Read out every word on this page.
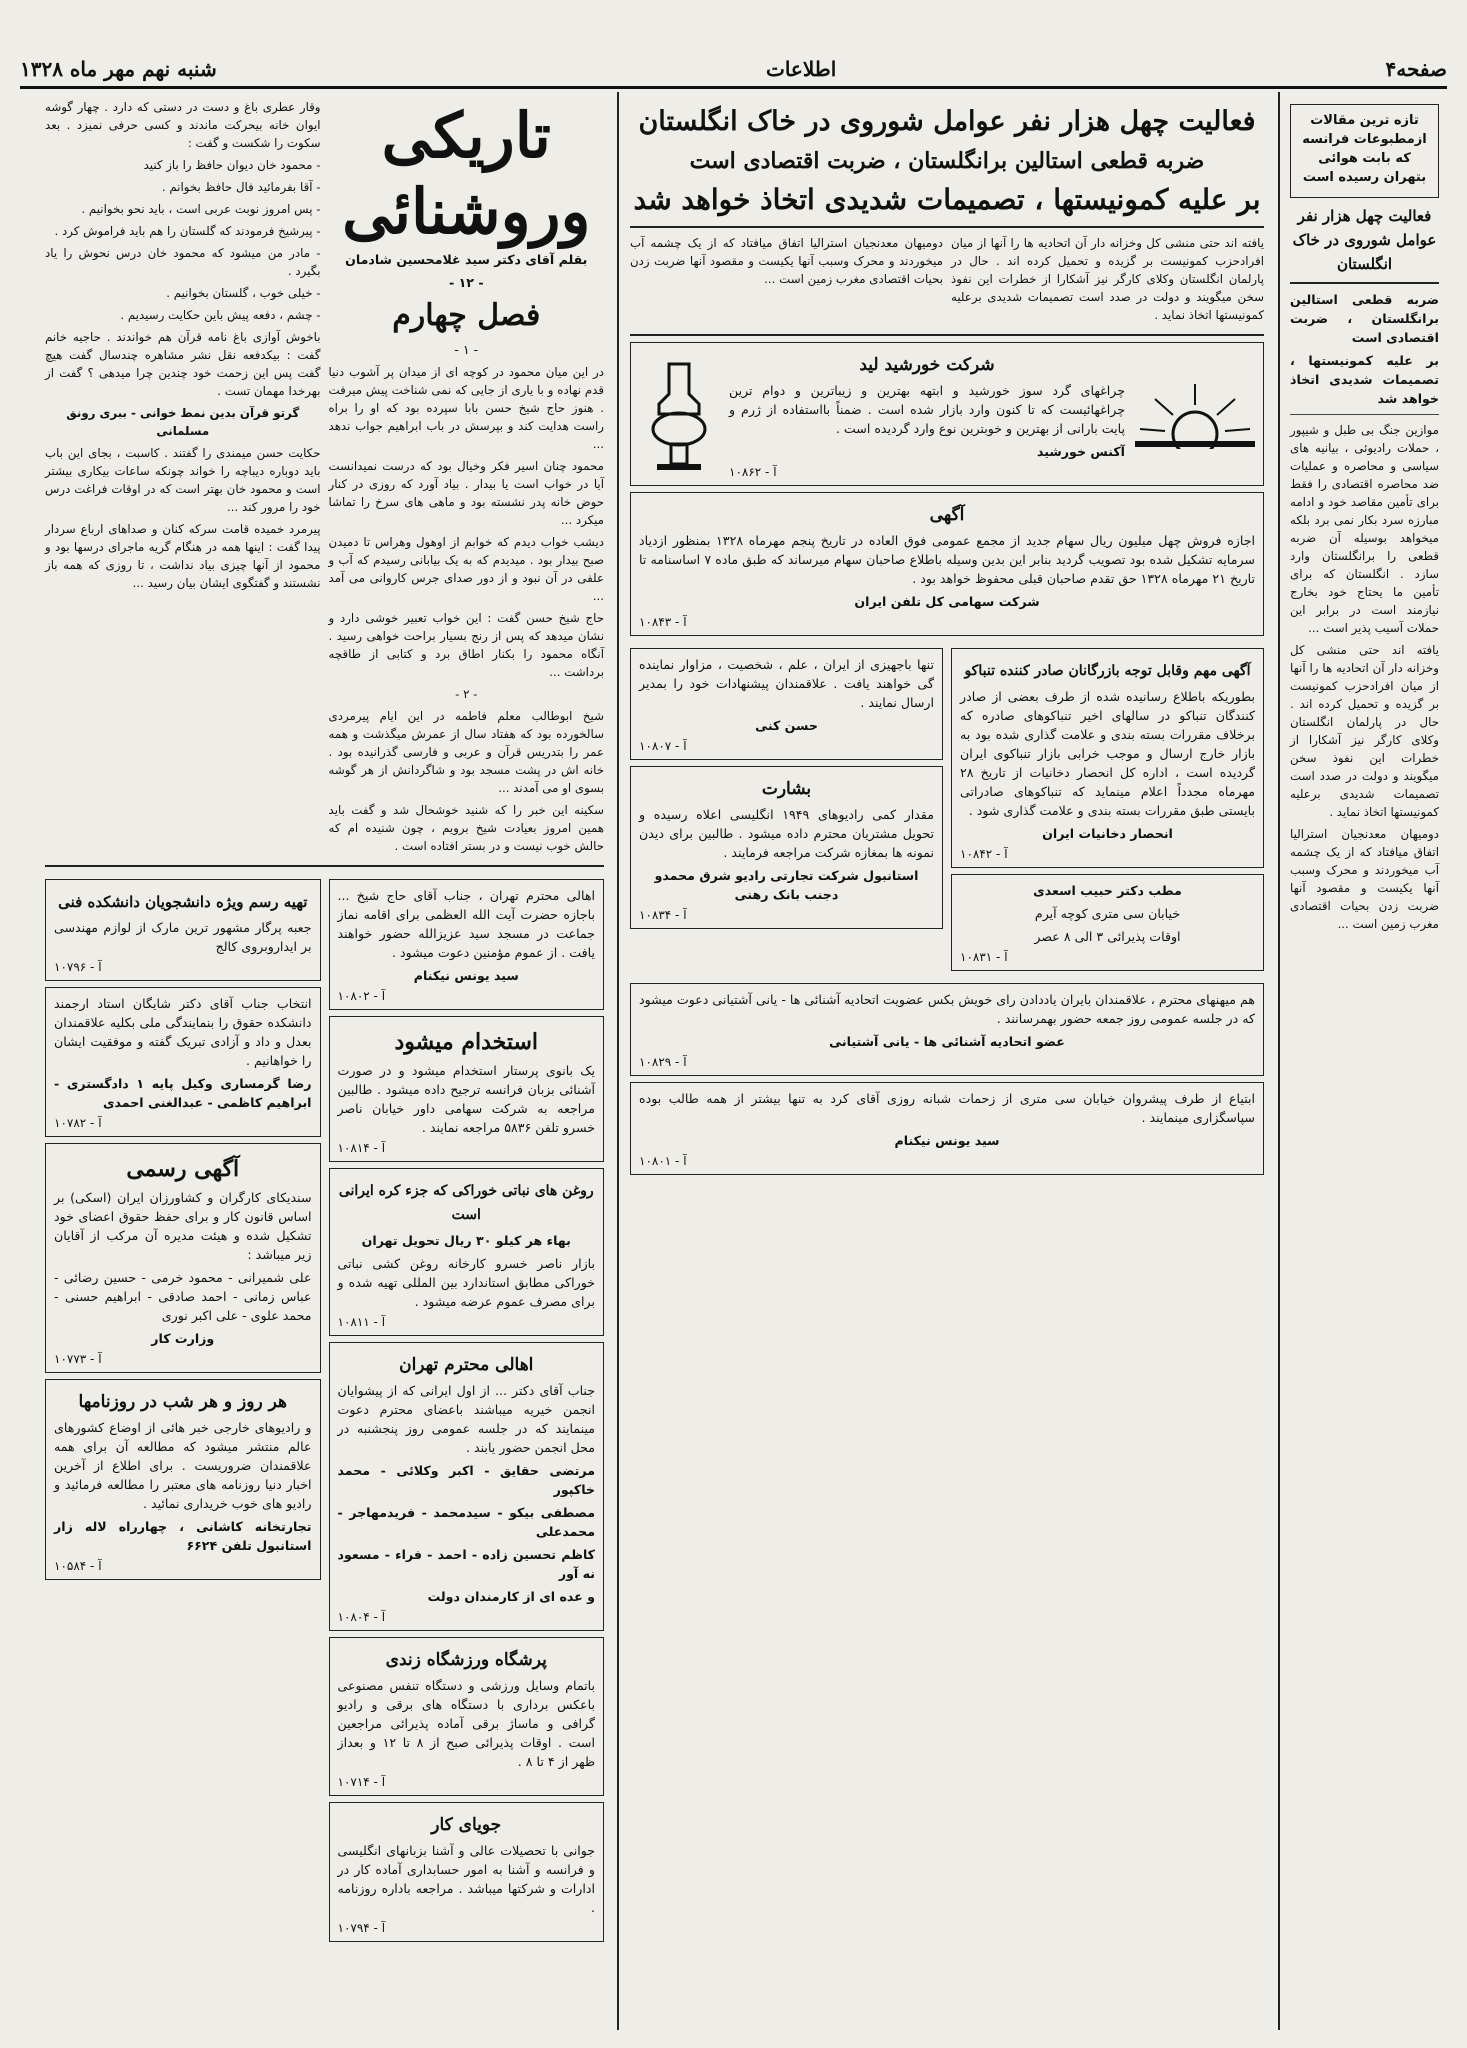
صفحه۴
اطلاعات
شنبه نهم مهر ماه ۱۳۲۸

تازه ترین مقالات ازمطبوعات فرانسه که بابت هوائی بتهران رسیده است

فعالیت چهل هزار نفر عوامل شوروی در خاک انگلستان

ضربه قطعی استالین برانگلستان ، ضربت اقتصادی است

بر علیه کمونیستها ، تصمیمات شدیدی اتخاذ خواهد شد

موازین جنگ بی طبل و شیپور ، حملات رادیوئی ، بیانیه های سیاسی و محاصره و عملیات ضد محاصره اقتصادی را فقط برای تأمین مقاصد خود و ادامه مبارزه سرد بکار نمی برد بلکه میخواهد بوسیله آن ضربه قطعی را برانگلستان وارد سازد . انگلستان که برای تأمین ما یحتاج خود بخارج نیازمند است در برابر این حملات آسیب پذیر است ...

یافته اند حتی منشی کل وخزانه دار آن اتحادیه ها را آنها از میان افرادحزب کمونیست بر گزیده و تحمیل کرده اند . حال در پارلمان انگلستان وکلای کارگر نیز آشکارا از خطرات این نفوذ سخن میگویند و دولت در صدد است تصمیمات شدیدی برعلیه کمونیستها اتخاذ نماید .

دومیهان معدنجیان استرالیا اتفاق میافتاد که از یک چشمه آب میخوردند و محرک وسبب آنها یکیست و مقصود آنها ضربت زدن بحیات اقتصادی مغرب زمین است ...

فعالیت چهل هزار نفر عوامل شوروی در خاک انگلستان
ضربه قطعی استالین برانگلستان ، ضربت اقتصادی است
بر علیه کمونیستها ، تصمیمات شدیدی اتخاذ خواهد شد

یافته اند حتی منشی کل وخزانه دار آن اتحادیه ها را آنها از میان افرادحزب کمونیست بر گزیده و تحمیل کرده اند . حال در پارلمان انگلستان وکلای کارگر نیز آشکارا از خطرات این نفوذ سخن میگویند و دولت در صدد است تصمیمات شدیدی برعلیه کمونیستها اتخاذ نماید .

دومیهان معدنجیان استرالیا اتفاق میافتاد که از یک چشمه آب میخوردند و محرک وسبب آنها یکیست و مقصود آنها ضربت زدن بحیات اقتصادی مغرب زمین است ...

شرکت خورشید لید

چراغهای گرد سوز خورشید و ابتهه بهترین و زیباترین و دوام ترین چراغهائیست که تا کنون وارد بازار شده است . ضمناً بااستفاده از ژرم و پایت بارانی از بهترین و خوبترین نوع وارد گردیده است .

آکنس خورشید

آ - ۱۰۸۶۲
آگهی

اجازه فروش چهل میلیون ریال سهام جدید از مجمع عمومی فوق العاده در تاریخ پنجم مهرماه ۱۳۲۸ بمنظور ازدیاد سرمایه تشکیل شده بود تصویب گردید بنابر این بدین وسیله باطلاع صاحبان سهام میرساند که طبق ماده ۷ اساسنامه تا تاریخ ۲۱ مهرماه ۱۳۲۸ حق تقدم صاحبان قبلی محفوظ خواهد بود .

شرکت سهامی کل تلفن ایران

آ - ۱۰۸۴۳
آگهی مهم وقابل توجه بازرگانان صادر کننده تنباکو

بطوریکه باطلاع رسانیده شده از طرف بعضی از صادر کنندگان تنباکو در سالهای اخیر تنباکوهای صادره که برخلاف مقررات بسته بندی و علامت گذاری شده بود به بازار خارج ارسال و موجب خرابی بازار تنباکوی ایران گردیده است ، اداره کل انحصار دخانیات از تاریخ ۲۸ مهرماه مجدداً اعلام مینماید که تنباکوهای صادراتی بایستی طبق مقررات بسته بندی و علامت گذاری شود .

انحصار دخانیات ایران

آ - ۱۰۸۴۲

مطب دکتر حبیب اسعدی

خیابان سی متری کوچه آیرم

اوقات پذیرائی ۳ الی ۸ عصر

آ - ۱۰۸۳۱

تنها باجهیزی از ایران ، علم ، شخصیت ، مزاوار نماینده گی خواهند یافت . علاقمندان پیشنهادات خود را بمدیر ارسال نمایند .

حسن کنی

آ - ۱۰۸۰۷
بشارت

مقدار کمی رادیوهای ۱۹۴۹ انگلیسی اعلاه رسیده و تحویل مشتریان محترم داده میشود . طالبین برای دیدن نمونه ها بمغازه شرکت مراجعه فرمایند .

استانبول شرکت تجارتی رادیو شرق محمدو دجنب بانک رهنی

آ - ۱۰۸۳۴

هم میهنهای محترم ، علاقمندان بایران یاددادن رای خویش بکس عضویت اتحادیه آشنائی ها - یانی آشتیانی دعوت میشود که در جلسه عمومی روز جمعه حضور بهمرسانند .

عضو اتحادیه آشنائی ها - یانی آشتیانی

آ - ۱۰۸۲۹

ابتیاع از طرف پیشروان خیابان سی متری از زحمات شبانه روزی آقای کرد به تنها بیشتر از همه طالب بوده سپاسگزاری مینمایند .

سید یونس نیکنام

آ - ۱۰۸۰۱
تاریکی وروشنائی

بقلم آقای دکتر سید غلامحسین شادمان

- ۱۲ -

فصل چهارم

- ۱ -

در این میان محمود در کوچه ای از میدان پر آشوب دنیا قدم نهاده و با یاری از جایی که نمی شناخت پیش میرفت . هنوز حاج شیخ حسن بابا سپرده بود که او را براه راست هدایت کند و بپرسش در باب ابراهیم جواب ندهد ...

محمود چنان اسیر فکر وخیال بود که درست نمیدانست آیا در خواب است یا بیدار . بیاد آورد که روزی در کنار حوض خانه پدر نشسته بود و ماهی های سرخ را تماشا میکرد ...

دیشب خواب دیدم که خوابم از اوهول وهراس تا دمیدن صبح بیدار بود . میدیدم که به یک بیابانی رسیدم که آب و علفی در آن نبود و از دور صدای جرس کاروانی می آمد ...

حاج شیخ حسن گفت : این خواب تعبیر خوشی دارد و نشان میدهد که پس از رنج بسیار براحت خواهی رسید . آنگاه محمود را بکنار اطاق برد و کتابی از طاقچه برداشت ...

- ۲ -

شیخ ابوطالب معلم فاطمه در این ایام پیرمردی سالخورده بود که هفتاد سال از عمرش میگذشت و همه عمر را بتدریس قرآن و عربی و فارسی گذرانیده بود . خانه اش در پشت مسجد بود و شاگردانش از هر گوشه بسوی او می آمدند ...

سکینه این خبر را که شنید خوشحال شد و گفت باید همین امروز بعیادت شیخ برویم ، چون شنیده ام که حالش خوب نیست و در بستر افتاده است .

وقار عطری باغ و دست در دستی که دارد . چهار گوشه ایوان خانه بیحرکت ماندند و کسی حرفی نمیزد . بعد سکوت را شکست و گفت :

- محمود خان دیوان حافظ را باز کنید

- آقا بفرمائید فال حافظ بخوانم .

- پس امروز نوبت عربی است ، باید نحو بخوانیم .

- پیرشیخ فرمودند که گلستان را هم باید فراموش کرد .

- مادر من میشود که محمود خان درس نحوش را یاد بگیرد .

- خیلی خوب ، گلستان بخوانیم .

- چشم ، دفعه پیش باین حکایت رسیدیم .

باخوش آوازی باغ نامه قرآن هم خواندند . حاجیه خانم گفت : بیکدفعه نقل نشر مشاهره چندسال گفت هیچ گفت پس این زحمت خود چندین چرا میدهی ؟ گفت از بهرخدا مهمان تست .

گرتو قرآن بدین نمط خوانی - ببری رونق مسلمانی

حکایت حسن میمندی را گفتند . کاسبت ، بجای این باب باید دوباره دیباچه را خواند چونکه ساعات بیکاری بیشتر است و محمود خان بهتر است که در اوقات فراغت درس خود را مرور کند ...

پیرمرد خمیده قامت سرکه کنان و صداهای ارباع سردار پیدا گفت : اینها همه در هنگام گریه ماجرای درسها بود و محمود از آنها چیزی بیاد نداشت ، تا روزی که همه باز نشستند و گفتگوی ایشان بیان رسید ...

اهالی محترم تهران ، جناب آقای حاج شیخ ... باجازه حضرت آیت الله العظمی برای اقامه نماز جماعت در مسجد سید عزیزالله حضور خواهند یافت . از عموم مؤمنین دعوت میشود .

سید یونس نیکنام

آ - ۱۰۸۰۲
استخدام میشود

یک بانوی پرستار استخدام میشود و در صورت آشنائی بزبان فرانسه ترجیح داده میشود . طالبین مراجعه به شرکت سهامی داور خیابان ناصر خسرو تلفن ۵۸۳۶ مراجعه نمایند .

آ - ۱۰۸۱۴
روغن های نباتی خوراکی که جزء کره ایرانی است

بهاء هر کیلو ۳۰ ریال تحویل تهران

بازار ناصر خسرو کارخانه روغن کشی نباتی خوراکی مطابق استاندارد بین المللی تهیه شده و برای مصرف عموم عرضه میشود .

آ - ۱۰۸۱۱
اهالی محترم تهران

جناب آقای دکتر ... از اول ایرانی که از پیشوایان انجمن خیریه میباشند باعضای محترم دعوت مینمایند که در جلسه عمومی روز پنجشنبه در محل انجمن حضور یابند .

مرتضی حقایق - اکبر وکلائی - محمد خاکپور

مصطفی بیکو - سیدمحمد - فریدمهاجر - محمدعلی

کاظم تحسین زاده - احمد - فراء - مسعود نه آور

و عده ای از کارمندان دولت

آ - ۱۰۸۰۴
پرشگاه ورزشگاه زندی

باتمام وسایل ورزشی و دستگاه تنفس مصنوعی باعکس برداری با دستگاه های برقی و رادیو گرافی و ماساژ برقی آماده پذیرائی مراجعین است . اوقات پذیرائی صبح از ۸ تا ۱۲ و بعداز ظهر از ۴ تا ۸ .

آ - ۱۰۷۱۴
جویای کار

جوانی با تحصیلات عالی و آشنا بزبانهای انگلیسی و فرانسه و آشنا به امور حسابداری آماده کار در ادارات و شرکتها میباشد . مراجعه باداره روزنامه .

آ - ۱۰۷۹۴
تهیه رسم ویژه دانشجویان دانشکده فنی

جعبه پرگار مشهور ترین مارک از لوازم مهندسی بر ایداروبروی کالج

آ - ۱۰۷۹۶

انتخاب جناب آقای دکتر شایگان استاد ارجمند دانشکده حقوق را بنمایندگی ملی بکلیه علاقمندان بعدل و داد و آزادی تبریک گفته و موفقیت ایشان را خواهانیم .

رضا گرمساری وکیل پایه ۱ دادگستری - ابراهیم کاظمی - عبدالغنی احمدی

آ - ۱۰۷۸۲
آگهی رسمی

سندیکای کارگران و کشاورزان ایران (اسکی) بر اساس قانون کار و برای حفظ حقوق اعضای خود تشکیل شده و هیئت مدیره آن مرکب از آقایان زیر میباشد :

علی شمیرانی - محمود خرمی - حسین رضائی - عباس زمانی - احمد صادقی - ابراهیم حسنی - محمد علوی - علی اکبر نوری

وزارت کار

آ - ۱۰۷۷۳
هر روز و هر شب در روزنامها

و رادیوهای خارجی خبر هائی از اوضاع کشورهای عالم منتشر میشود که مطالعه آن برای همه علاقمندان ضروریست . برای اطلاع از آخرین اخبار دنیا روزنامه های معتبر را مطالعه فرمائید و رادیو های خوب خریداری نمائید .

تجارتخانه کاشانی ، چهارراه لاله زار استانبول تلفن ۶۶۲۴

آ - ۱۰۵۸۴
